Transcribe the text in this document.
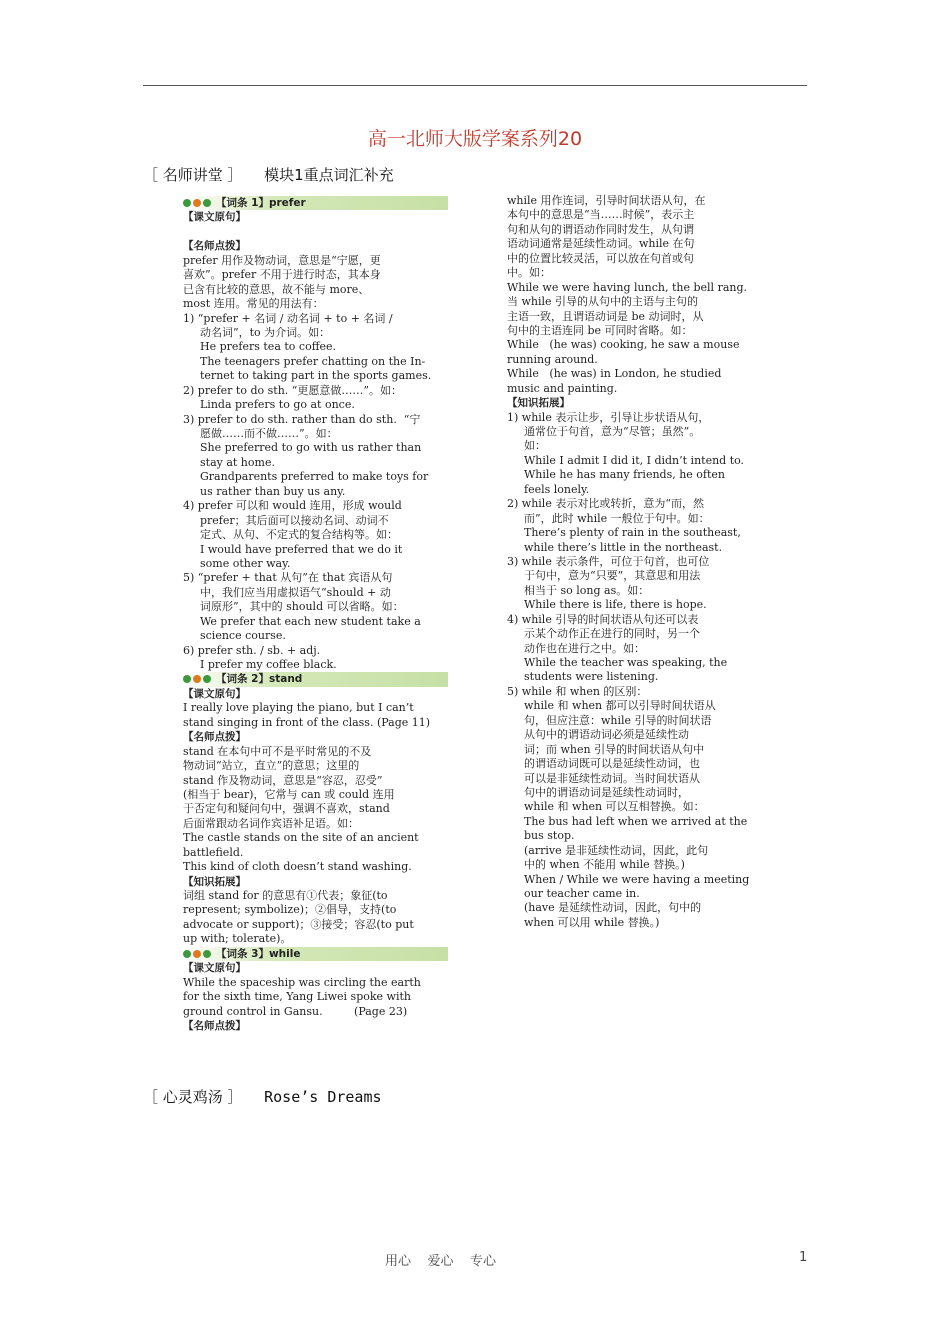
高一北师大版学案系列20
［ 名师讲堂 ］ 模块1重点词汇补充
【词条 1】prefer
【课文原句】
【名师点拨】
prefer 用作及物动词，意思是“宁愿，更
喜欢”。prefer 不用于进行时态，其本身
已含有比较的意思，故不能与 more、
most 连用。常见的用法有：
1) “prefer + 名词 / 动名词 + to + 名词 /
动名词”，to 为介词。如：
He prefers tea to coffee.
The teenagers prefer chatting on the In-
ternet to taking part in the sports games.
2) prefer to do sth. “更愿意做……”。如：
Linda prefers to go at once.
3) prefer to do sth. rather than do sth.  “宁
愿做……而不做……”。如：
She preferred to go with us rather than
stay at home.
Grandparents preferred to make toys for
us rather than buy us any.
4) prefer 可以和 would 连用，形成 would
prefer；其后面可以接动名词、动词不
定式、从句、不定式的复合结构等。如：
I would have preferred that we do it
some other way.
5) “prefer + that 从句”在 that 宾语从句
中，我们应当用虚拟语气“should + 动
词原形”，其中的 should 可以省略。如：
We prefer that each new student take a
science course.
6) prefer sth. / sb. + adj.
I prefer my coffee black.
【词条 2】stand
【课文原句】
I really love playing the piano, but I can’t
stand singing in front of the class. (Page 11)
【名师点拨】
stand 在本句中可不是平时常见的不及
物动词“站立，直立”的意思；这里的
stand 作及物动词，意思是“容忍，忍受”
(相当于 bear)，它常与 can 或 could 连用
于否定句和疑问句中，强调不喜欢，stand
后面常跟动名词作宾语补足语。如：
The castle stands on the site of an ancient
battlefield.
This kind of cloth doesn’t stand washing.
【知识拓展】
词组 stand for 的意思有①代表；象征(to
represent; symbolize)；②倡导，支持(to
advocate or support)；③接受；容忍(to put
up with; tolerate)。
【词条 3】while
【课文原句】
While the spaceship was circling the earth
for the sixth time, Yang Liwei spoke with
ground control in Gansu.         (Page 23)
【名师点拨】
while 用作连词，引导时间状语从句，在
本句中的意思是“当……时候”，表示主
句和从句的谓语动作同时发生，从句谓
语动词通常是延续性动词。while 在句
中的位置比较灵活，可以放在句首或句
中。如：
While we were having lunch, the bell rang.
当 while 引导的从句中的主语与主句的
主语一致，且谓语动词是 be 动词时，从
句中的主语连同 be 可同时省略。如：
While   (he was) cooking, he saw a mouse
running around.
While   (he was) in London, he studied
music and painting.
【知识拓展】
1) while 表示让步，引导让步状语从句，
通常位于句首，意为“尽管；虽然”。
如：
While I admit I did it, I didn’t intend to.
While he has many friends, he often
feels lonely.
2) while 表示对比或转折，意为“而，然
而”，此时 while 一般位于句中。如：
There’s plenty of rain in the southeast,
while there’s little in the northeast.
3) while 表示条件，可位于句首，也可位
于句中，意为“只要”，其意思和用法
相当于 so long as。如：
While there is life, there is hope.
4) while 引导的时间状语从句还可以表
示某个动作正在进行的同时，另一个
动作也在进行之中。如：
While the teacher was speaking, the
students were listening.
5) while 和 when 的区别：
while 和 when 都可以引导时间状语从
句，但应注意：while 引导的时间状语
从句中的谓语动词必须是延续性动
词；而 when 引导的时间状语从句中
的谓语动词既可以是延续性动词，也
可以是非延续性动词。当时间状语从
句中的谓语动词是延续性动词时，
while 和 when 可以互相替换。如：
The bus had left when we arrived at the
bus stop.
(arrive 是非延续性动词，因此，此句
中的 when 不能用 while 替换。)
When / While we were having a meeting
our teacher came in.
(have 是延续性动词，因此，句中的
when 可以用 while 替换。)
［ 心灵鸡汤 ］ Rose’s Dreams
用心    爱心    专心	1
